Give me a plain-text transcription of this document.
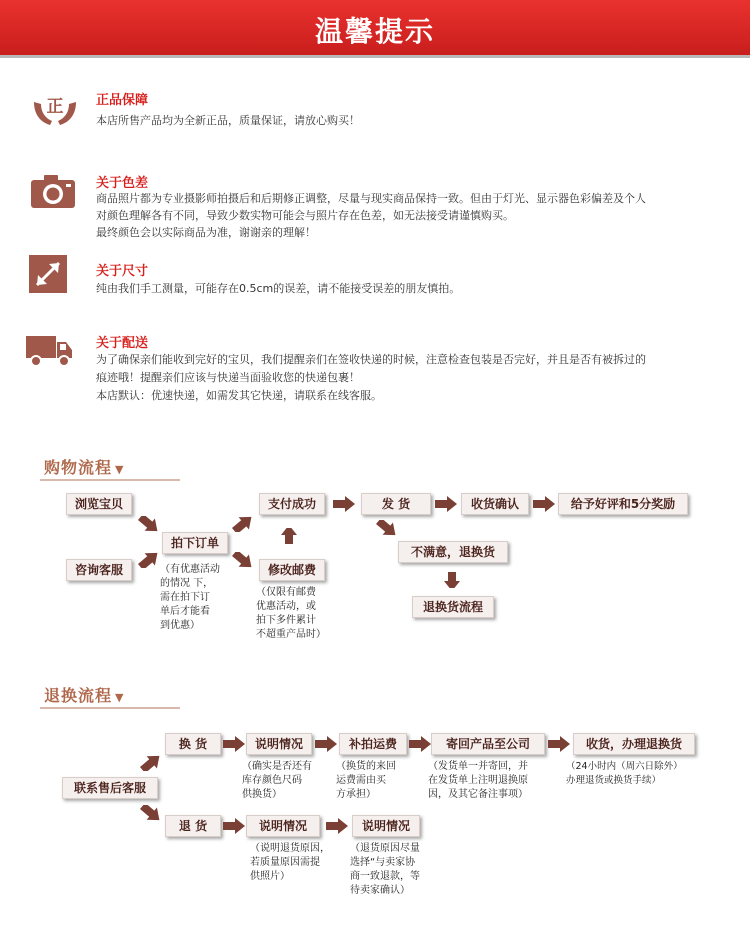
温馨提示
正	正品保障
本店所售产品均为全新正品，质量保证，请放心购买！
关于色差
商品照片都为专业摄影师拍摄后和后期修正调整，尽量与现实商品保持一致。但由于灯光、显示器色彩偏差及个人
对颜色理解各有不同，导致少数实物可能会与照片存在色差，如无法接受请谨慎购买。
最终颜色会以实际商品为准，谢谢亲的理解！
关于尺寸
纯由我们手工测量，可能存在0.5cm的误差，请不能接受误差的朋友慎拍。
关于配送
为了确保亲们能收到完好的宝贝，我们提醒亲们在签收快递的时候，注意检查包装是否完好，并且是否有被拆过的
痕迹哦！提醒亲们应该与快递当面验收您的快递包裹！
本店默认：优速快递，如需发其它快递，请联系在线客服。
购物流程 ▼
浏览宝贝
咨询客服
拍下订单
支付成功	发 货	收货确认	给予好评和5分奖励
修改邮费
不满意，退换货
退换货流程
（有优惠活动
的情况 下，
需在拍下订
单后才能看
到优惠）
（仅限有邮费
优惠活动，或
拍下多件累计
不超重产品时）
退换流程 ▼
联系售后客服
换 货	说明情况	补拍运费	寄回产品至公司	收货，办理退换货
退 货	说明情况	说明情况
（确实是否还有
库存颜色尺码
供换货）
（换货的来回
运费需由买
方承担）
（发货单一并寄回，并
在发货单上注明退换原
因，及其它备注事项）
（24小时内（周六日除外）
办理退货或换货手续）
（说明退货原因，
若质量原因需提
供照片）
（退货原因尽量
选择“与卖家协
商一致退款，等
待卖家确认）
